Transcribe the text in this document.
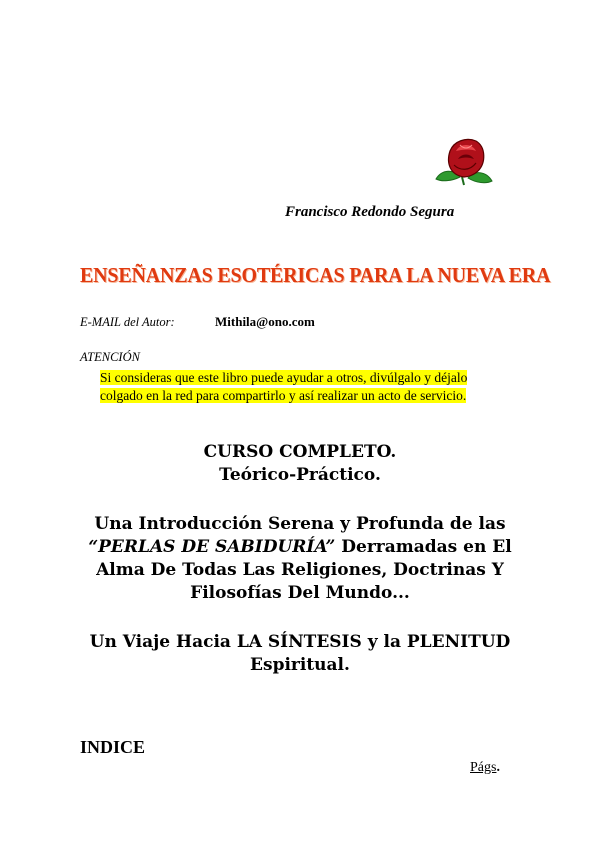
Francisco Redondo Segura
ENSEÑANZAS ESOTÉRICAS PARA LA NUEVA ERA
E-MAIL del Autor:	Mithila@ono.com
ATENCIÓN
Si consideras que este libro puede ayudar a otros, divúlgalo y déjalo
colgado en la red para compartirlo y así realizar un acto de servicio.
CURSO COMPLETO.
Teórico-Práctico.
Una Introducción Serena y Profunda de las
“PERLAS DE SABIDURÍA” Derramadas en El
Alma De Todas Las Religiones, Doctrinas Y
Filosofías Del Mundo...
Un Viaje Hacia LA SÍNTESIS y la PLENITUD
Espiritual.
INDICE
Págs.
